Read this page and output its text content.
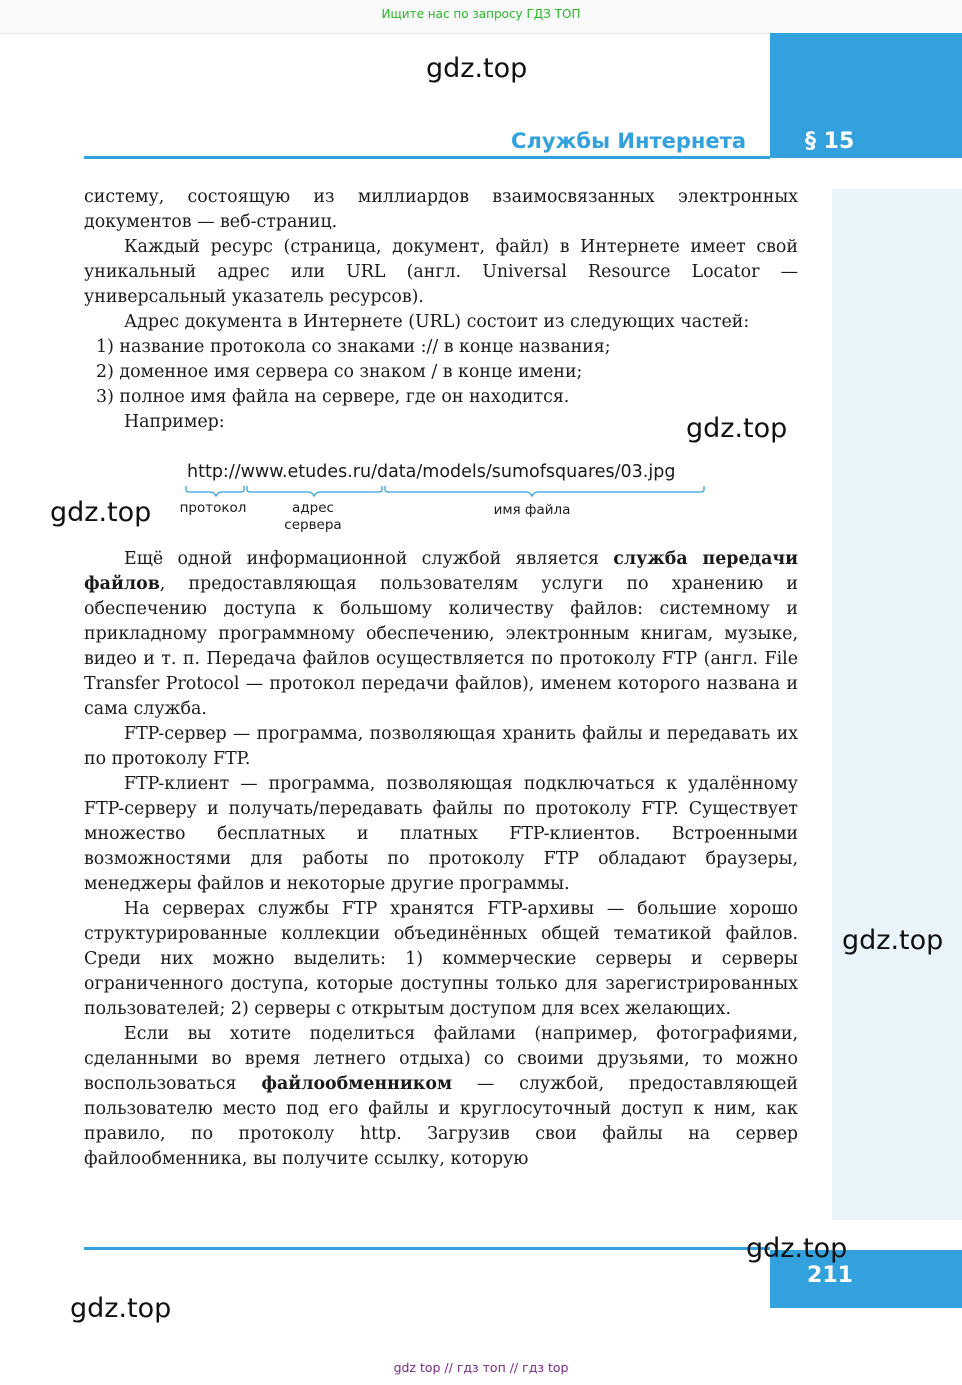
Ищите нас по запросу ГДЗ ТОП
§ 15
Службы Интернета
gdz.top

систему, состоящую из миллиардов взаимосвязанных электронных документов — веб-страниц.

Каждый ресурс (страница, документ, файл) в Интернете имеет свой уникальный адрес или URL (англ. Universal Resource Locator — универсальный указатель ресурсов).

Адрес документа в Интернете (URL) состоит из следующих частей:

1) название протокола со знаками :// в конце названия;
2) доменное имя сервера со знаком / в конце имени;
3) полное имя файла на сервере, где он находится.

Например:	gdz.top
http://www.etudes.ru/data/models/sumofsquares/03.jpg
протокол	адрес
сервера
имя файла
gdz.top

Ещё одной информационной службой является служба передачи файлов, предоставляющая пользователям услуги по хранению и обеспечению доступа к большому количеству файлов: системному и прикладному программному обеспечению, электронным книгам, музыке, видео и т. п. Передача файлов осуществляется по протоколу FTP (англ. File Transfer Protocol — протокол передачи файлов), именем которого названа и сама служба.

FTP-сервер — программа, позволяющая хранить файлы и передавать их по протоколу FTP.

FTP-клиент — программа, позволяющая подключаться к удалённому FTP-серверу и получать/передавать файлы по протоколу FTP. Существует множество бесплатных и платных FTP-клиентов. Встроенными возможностями для работы по протоколу FTP обладают браузеры, менеджеры файлов и некоторые другие программы.

На серверах службы FTP хранятся FTP-архивы — большие хорошо структурированные коллекции объединённых общей тематикой файлов. Среди них можно выделить: 1) коммерческие серверы и серверы ограниченного доступа, которые доступны только для зарегистрированных пользователей; 2) серверы с открытым доступом для всех желающих.

Если вы хотите поделиться файлами (например, фотографиями, сделанными во время летнего отдыха) со своими друзьями, то можно воспользоваться файлообменником — службой, предоставляющей пользователю место под его файлы и круглосуточный доступ к ним, как правило, по протоколу http. Загрузив свои файлы на сервер файлообменника, вы получите ссылку, которую

gdz.top
211
gdz.top
gdz.top
gdz top // гдз топ // гдз top
